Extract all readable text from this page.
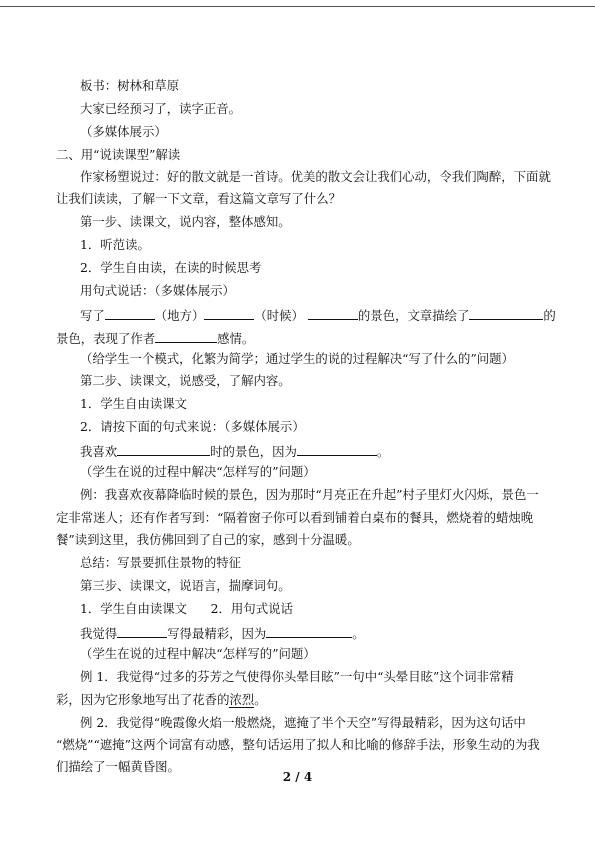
板书：树林和草原

大家已经预习了，读字正音。

（多媒体展示）

二、用“说读课型”解读

作家杨塑说过：好的散文就是一首诗。优美的散文会让我们心动，令我们陶醉，下面就

让我们读读，了解一下文章，看这篇文章写了什么？

第一步、读课文，说内容，整体感知。

1．听范读。

2．学生自由读，在读的时候思考

用句式说话：（多媒体展示）

写了	（地方）	（时候）	的景色，文章描绘了	的

景色，表现了作者	感情。

（给学生一个模式，化繁为简学；通过学生的说的过程解决“写了什么的”问题）

第二步、读课文，说感受，了解内容。

1．学生自由读课文

2．请按下面的句式来说：（多媒体展示）

我喜欢	时的景色，因为	。

（学生在说的过程中解决“怎样写的”问题）

例：我喜欢夜幕降临时候的景色，因为那时“月亮正在升起”村子里灯火闪烁，景色一

定非常迷人；还有作者写到：“隔着窗子你可以看到铺着白桌布的餐具，燃烧着的蜡烛晚

餐”读到这里，我仿佛回到了自己的家，感到十分温暖。

总结：写景要抓住景物的特征

第三步、读课文，说语言，揣摩词句。

1．学生自由读课文      2．用句式说话

我觉得	写得最精彩，因为	。

（学生在说的过程中解决“怎样写的”问题）

例 1．我觉得“过多的芬芳之气使得你头晕目眩”一句中“头晕目眩”这个词非常精

彩，因为它形象地写出了花香的浓烈。

例 2．我觉得“晚霞像火焰一般燃烧，遮掩了半个天空”写得最精彩，因为这句话中

“燃烧”“遮掩”这两个词富有动感，整句话运用了拟人和比喻的修辞手法，形象生动的为我

们描绘了一幅黄昏图。

2 / 4
